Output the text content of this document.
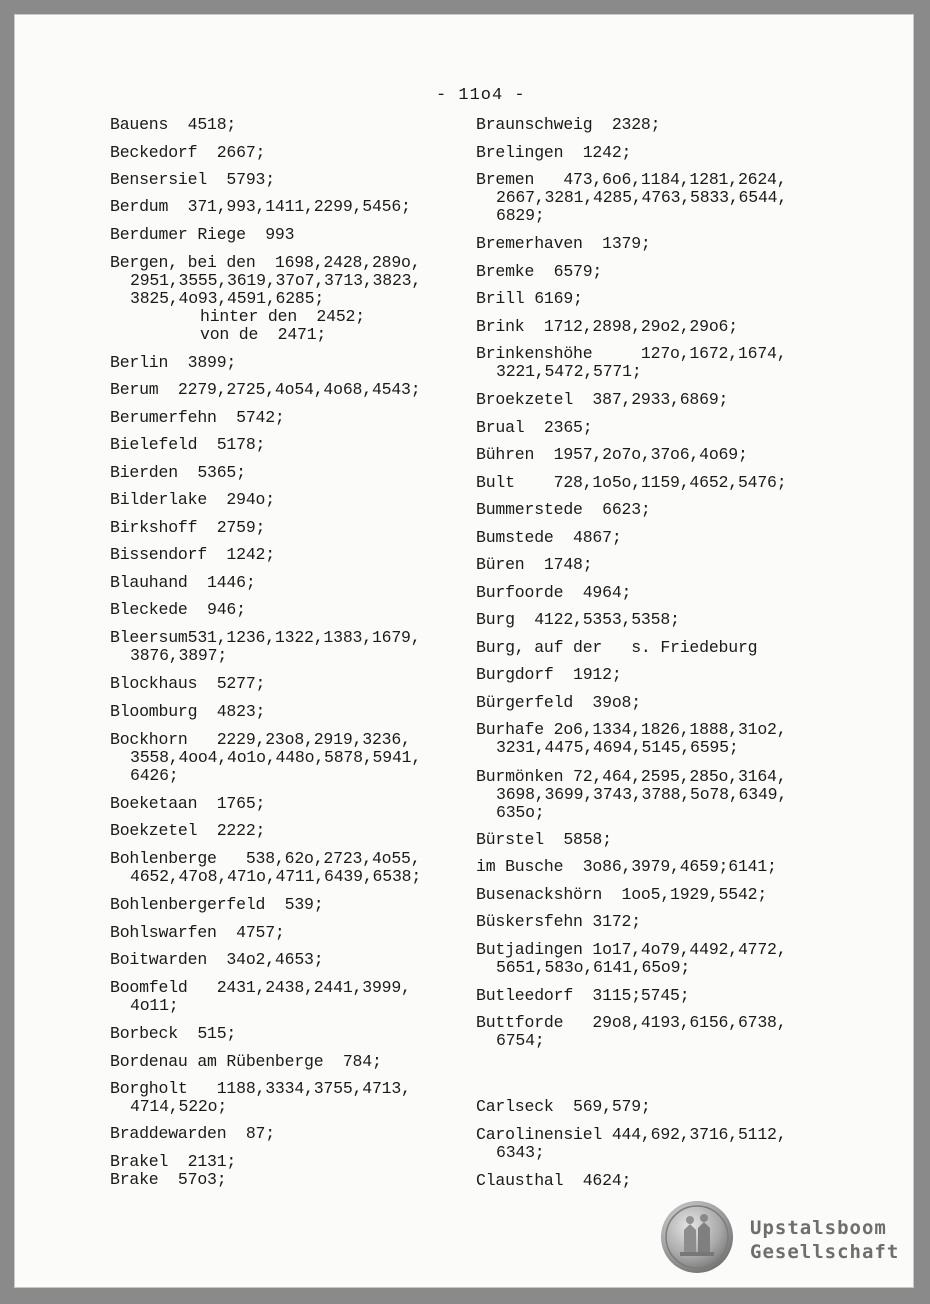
- 11o4 -
Bauens  4518;
Beckedorf  2667;
Bensersiel  5793;
Berdum  371,993,1411,2299,5456;
Berdumer Riege  993
Bergen, bei den  1698,2428,289o,
2951,3555,3619,37o7,3713,3823,
3825,4o93,4591,6285;
hinter den  2452;
von de  2471;
Berlin  3899;
Berum  2279,2725,4o54,4o68,4543;
Berumerfehn  5742;
Bielefeld  5178;
Bierden  5365;
Bilderlake  294o;
Birkshoff  2759;
Bissendorf  1242;
Blauhand  1446;
Bleckede  946;
Bleersum531,1236,1322,1383,1679,
3876,3897;
Blockhaus  5277;
Bloomburg  4823;
Bockhorn   2229,23o8,2919,3236,
3558,4oo4,4o1o,448o,5878,5941,
6426;
Boeketaan  1765;
Boekzetel  2222;
Bohlenberge   538,62o,2723,4o55,
4652,47o8,471o,4711,6439,6538;
Bohlenbergerfeld  539;
Bohlswarfen  4757;
Boitwarden  34o2,4653;
Boomfeld   2431,2438,2441,3999,
4o11;
Borbeck  515;
Bordenau am Rübenberge  784;
Borgholt   1188,3334,3755,4713,
4714,522o;
Braddewarden  87;
Brakel  2131;
Brake  57o3;
Braunschweig  2328;
Brelingen  1242;
Bremen   473,6o6,1184,1281,2624,
2667,3281,4285,4763,5833,6544,
6829;
Bremerhaven  1379;
Bremke  6579;
Brill 6169;
Brink  1712,2898,29o2,29o6;
Brinkenshöhe     127o,1672,1674,
3221,5472,5771;
Broekzetel  387,2933,6869;
Brual  2365;
Bühren  1957,2o7o,37o6,4o69;
Bult    728,1o5o,1159,4652,5476;
Bummerstede  6623;
Bumstede  4867;
Büren  1748;
Burfoorde  4964;
Burg  4122,5353,5358;
Burg, auf der   s. Friedeburg
Burgdorf  1912;
Bürgerfeld  39o8;
Burhafe 2o6,1334,1826,1888,31o2,
3231,4475,4694,5145,6595;
Burmönken 72,464,2595,285o,3164,
3698,3699,3743,3788,5o78,6349,
635o;
Bürstel  5858;
im Busche  3o86,3979,4659;6141;
Busenackshörn  1oo5,1929,5542;
Büskersfehn 3172;
Butjadingen 1o17,4o79,4492,4772,
5651,583o,6141,65o9;
Butleedorf  3115;5745;
Buttforde   29o8,4193,6156,6738,
6754;
Carlseck  569,579;
Carolinensiel 444,692,3716,5112,
6343;
Clausthal  4624;
Upstalsboom
Gesellschaft
